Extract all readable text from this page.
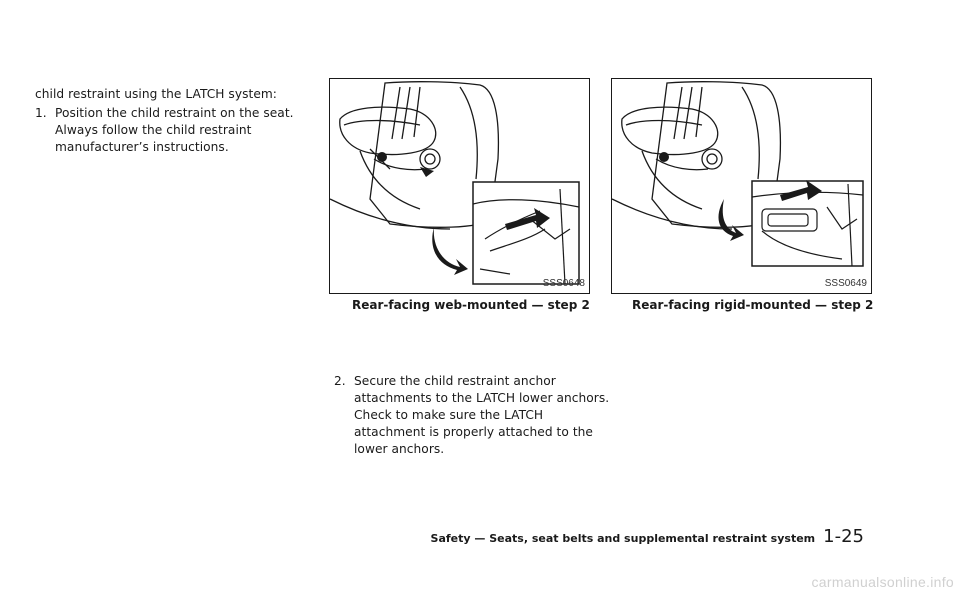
child restraint using the LATCH system:
1. Position the child restraint on the seat. Always follow the child restraint manufacturer’s instructions.
SSS0648
Rear-facing web-mounted — step 2
SSS0649
Rear-facing rigid-mounted — step 2
2. Secure the child restraint anchor attachments to the LATCH lower anchors. Check to make sure the LATCH attachment is properly attached to the lower anchors.
Safety — Seats, seat belts and supplemental restraint system 1-25
carmanualsonline.info
